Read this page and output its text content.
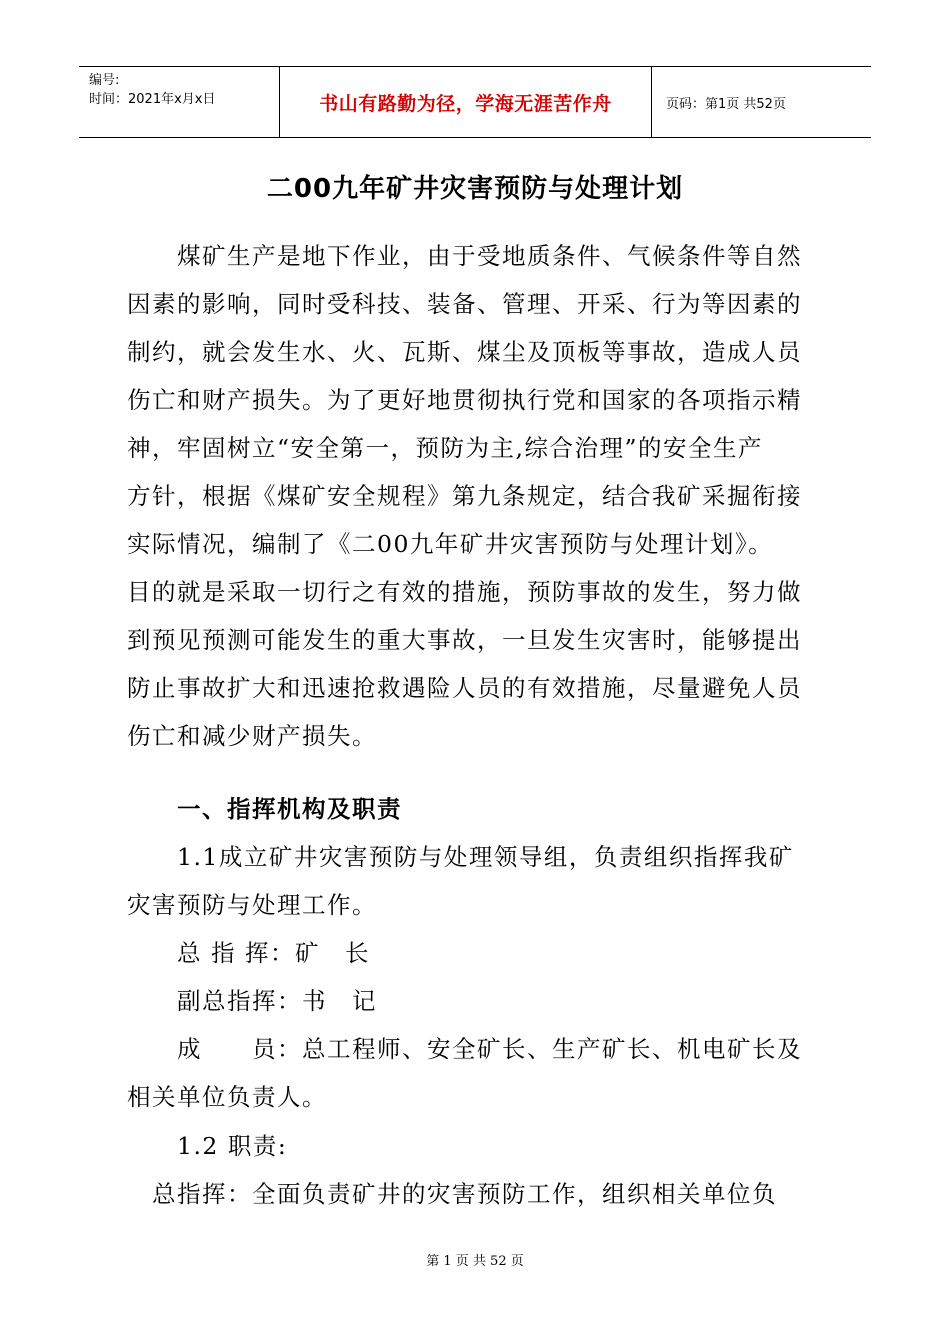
编号:
时间：2021年x月x日	书山有路勤为径，学海无涯苦作舟	页码：第1页 共52页
二00九年矿井灾害预防与处理计划
　　煤矿生产是地下作业，由于受地质条件、气候条件等自然
因素的影响，同时受科技、装备、管理、开采、行为等因素的
制约，就会发生水、火、瓦斯、煤尘及顶板等事故，造成人员
伤亡和财产损失。为了更好地贯彻执行党和国家的各项指示精
神，牢固树立“安全第一，预防为主,综合治理”的安全生产
方针，根据《煤矿安全规程》第九条规定，结合我矿采掘衔接
实际情况，编制了《二00九年矿井灾害预防与处理计划》。
目的就是采取一切行之有效的措施，预防事故的发生，努力做
到预见预测可能发生的重大事故，一旦发生灾害时，能够提出
防止事故扩大和迅速抢救遇险人员的有效措施，尽量避免人员
伤亡和减少财产损失。
　　一、指挥机构及职责
　　1.1成立矿井灾害预防与处理领导组，负责组织指挥我矿
灾害预防与处理工作。
　　总 指 挥：矿　长
　　副总指挥：书　记
　　成　　员：总工程师、安全矿长、生产矿长、机电矿长及
相关单位负责人。
　　1.2 职责:
　总指挥：全面负责矿井的灾害预防工作，组织相关单位负
第 1 页 共 52 页
